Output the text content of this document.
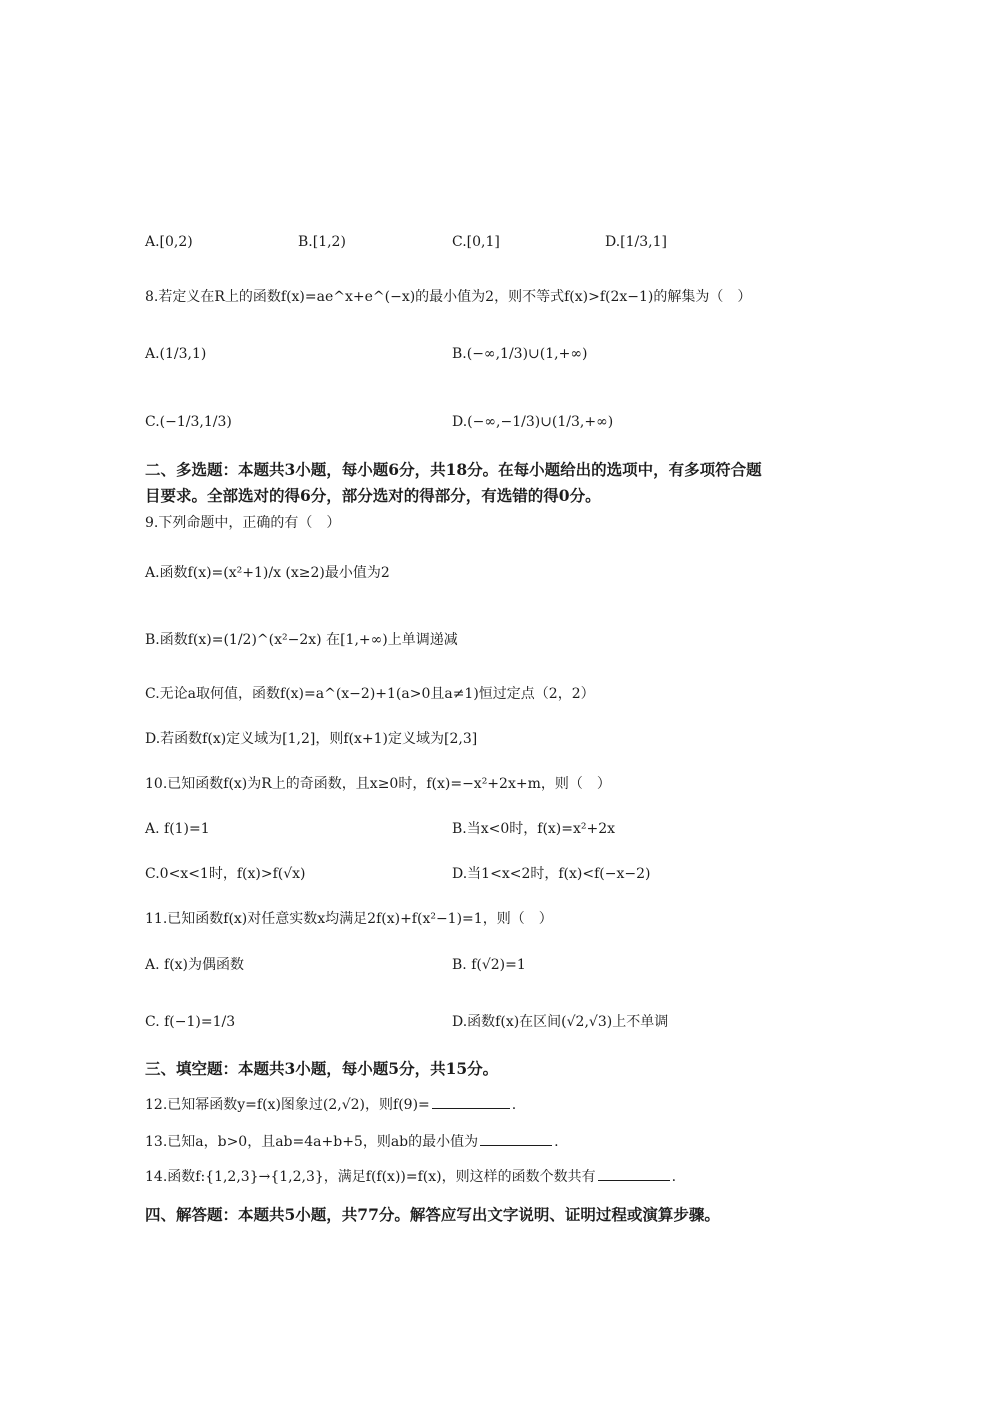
A.[0,2)	B.[1,2)	C.[0,1]	D.[1/3,1]
8.若定义在R上的函数f(x)=ae^x+e^(−x)的最小值为2，则不等式f(x)>f(2x−1)的解集为（　）
A.(1/3,1)	B.(−∞,1/3)∪(1,+∞)
C.(−1/3,1/3)	D.(−∞,−1/3)∪(1/3,+∞)
二、多选题：本题共3小题，每小题6分，共18分。在每小题给出的选项中，有多项符合题
目要求。全部选对的得6分，部分选对的得部分，有选错的得0分。
9.下列命题中，正确的有（　）
A.函数f(x)=(x²+1)/x (x≥2)最小值为2
B.函数f(x)=(1/2)^(x²−2x) 在[1,+∞)上单调递减
C.无论a取何值，函数f(x)=a^(x−2)+1(a>0且a≠1)恒过定点（2，2）
D.若函数f(x)定义域为[1,2]，则f(x+1)定义域为[2,3]
10.已知函数f(x)为R上的奇函数，且x≥0时，f(x)=−x²+2x+m，则（　）
A. f(1)=1	B.当x<0时，f(x)=x²+2x
C.0<x<1时，f(x)>f(√x)	D.当1<x<2时，f(x)<f(−x−2)
11.已知函数f(x)对任意实数x均满足2f(x)+f(x²−1)=1，则（　）
A. f(x)为偶函数	B. f(√2)=1
C. f(−1)=1/3	D.函数f(x)在区间(√2,√3)上不单调
三、填空题：本题共3小题，每小题5分，共15分。
12.已知幂函数y=f(x)图象过(2,√2)，则f(9)=	.
13.已知a，b>0，且ab=4a+b+5，则ab的最小值为	.
14.函数f:{1,2,3}→{1,2,3}，满足f(f(x))=f(x)，则这样的函数个数共有	.
四、解答题：本题共5小题，共77分。解答应写出文字说明、证明过程或演算步骤。
